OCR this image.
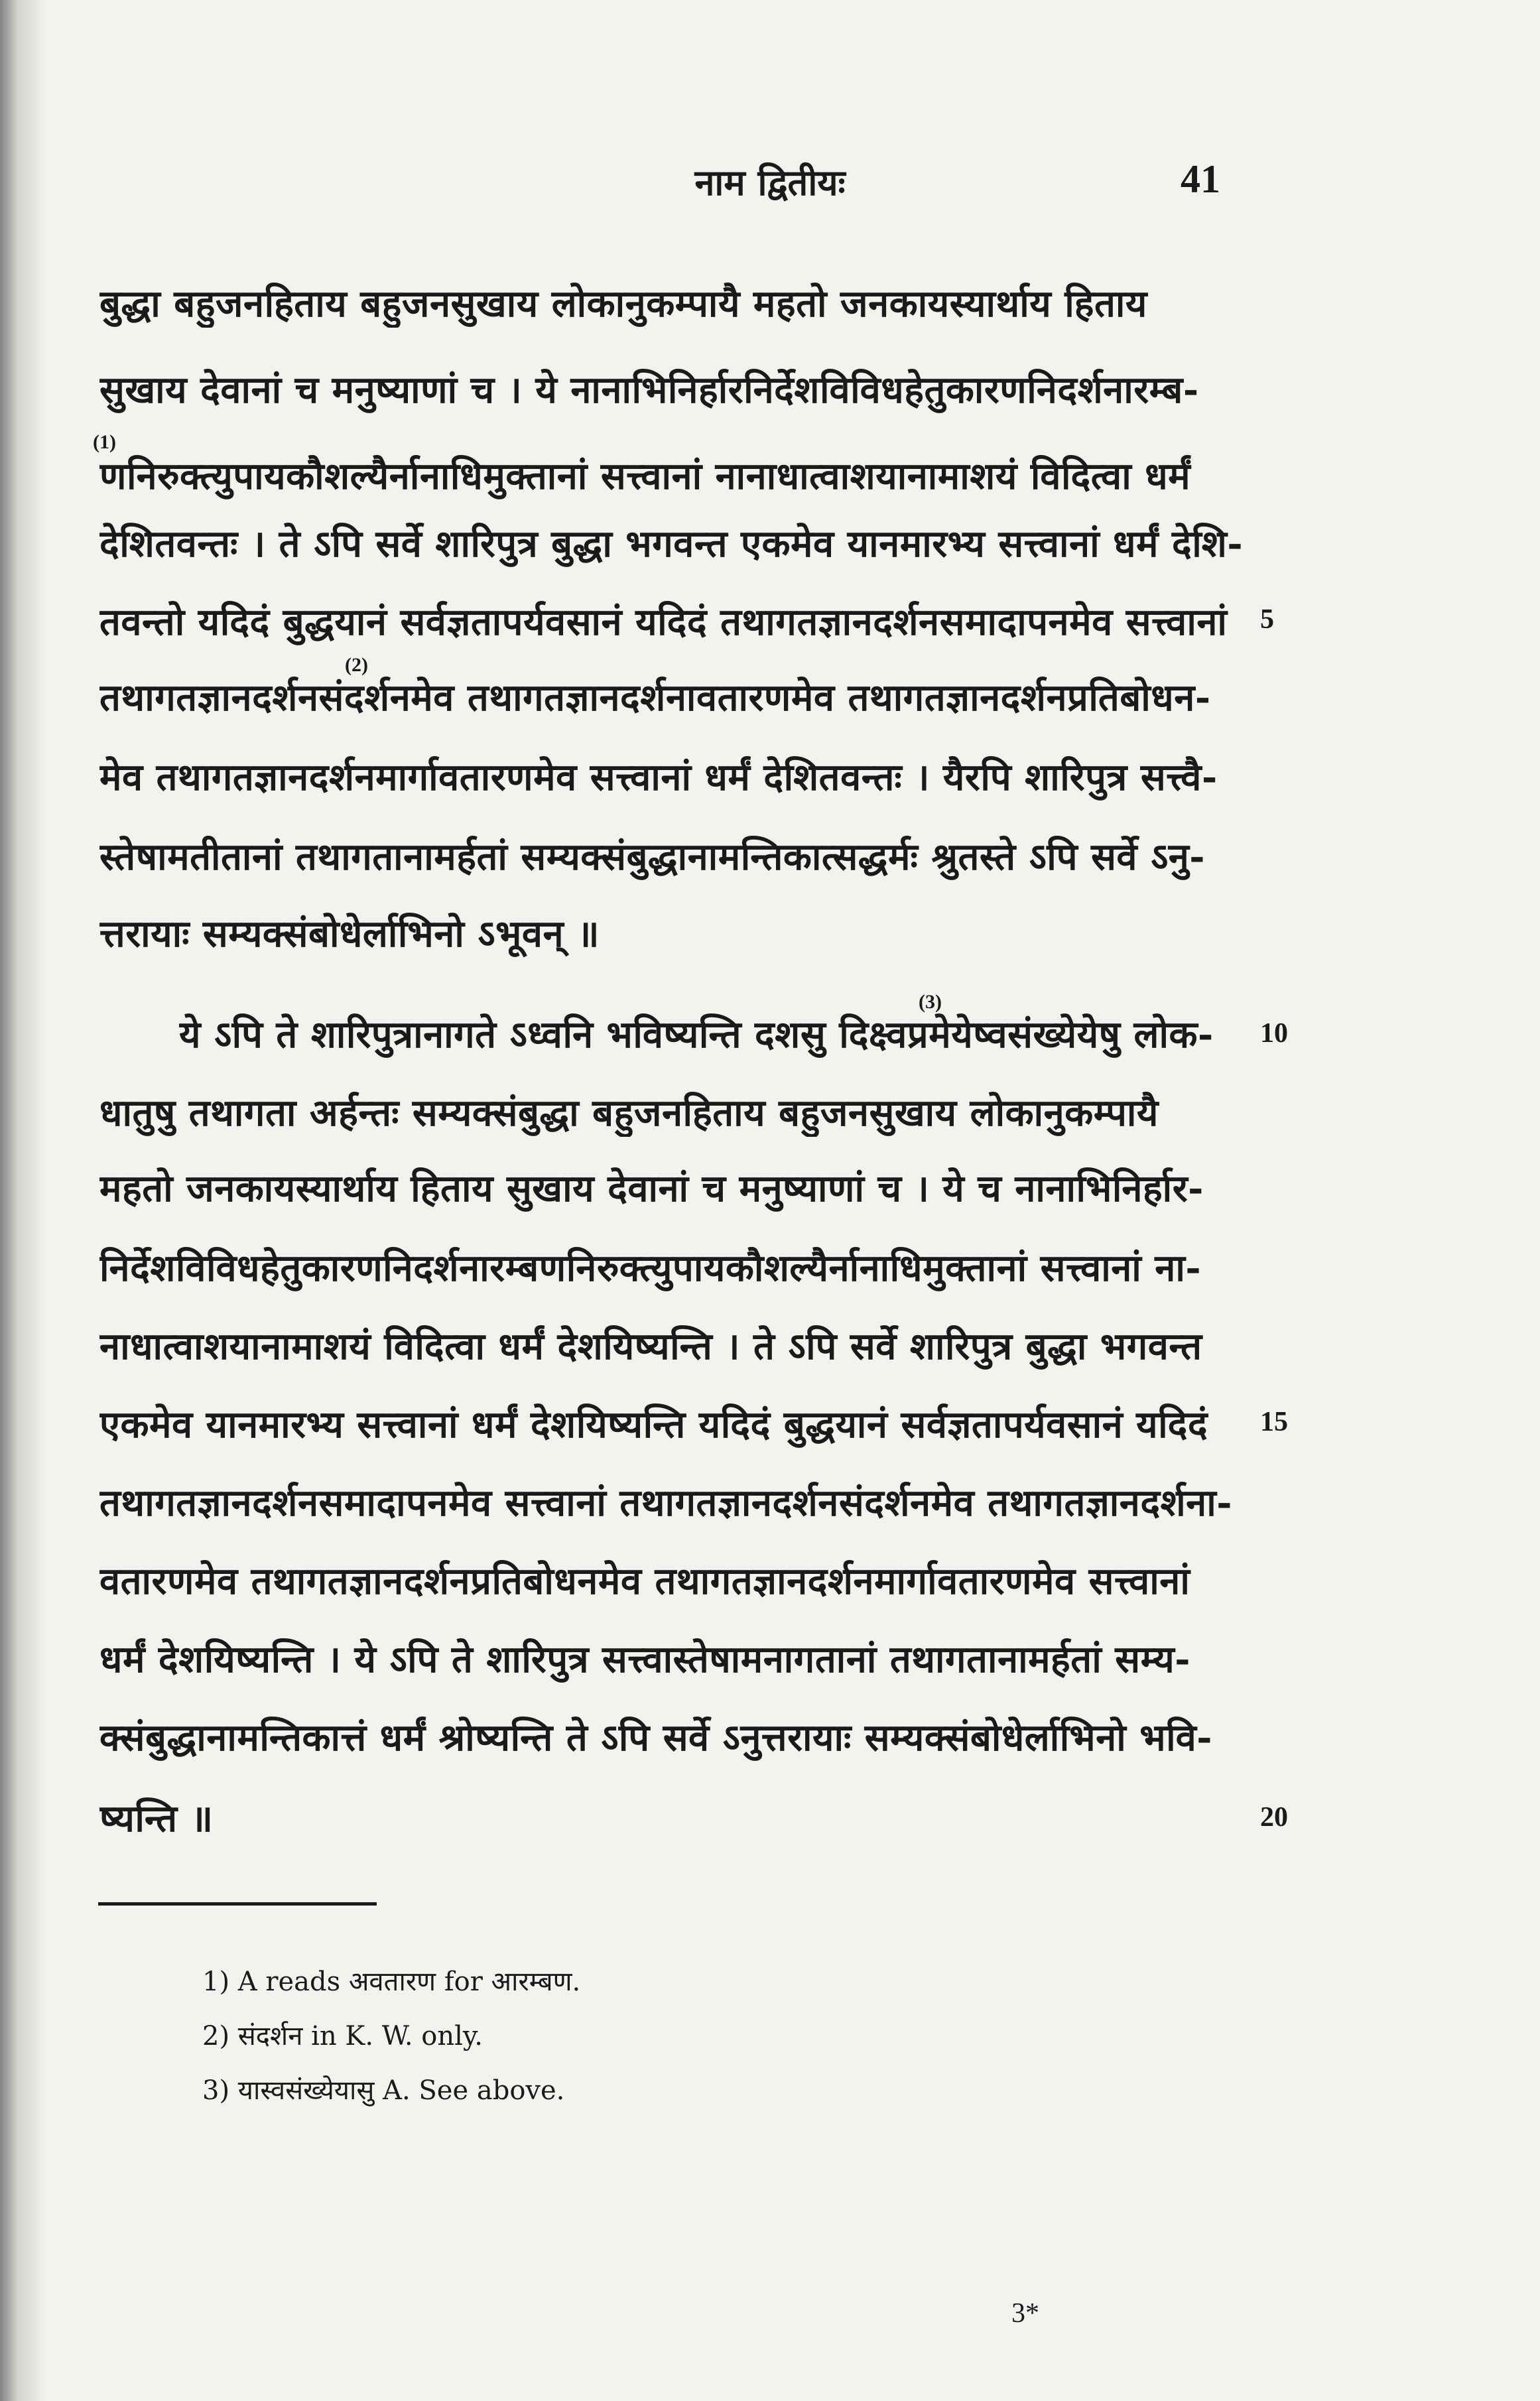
नाम द्वितीयः	41
बुद्धा बहुजनहिताय बहुजनसुखाय लोकानुकम्पायै महतो जनकायस्यार्थाय हिताय
सुखाय देवानां च मनुष्याणां च । ये नानाभिनिर्हारनिर्देशविविधहेतुकारणनिदर्शनारम्ब-
णनिरुक्त्युपायकौशल्यैर्नानाधिमुक्तानां सत्त्वानां नानाधात्वाशयानामाशयं विदित्वा धर्मं
देशितवन्तः । ते ऽपि सर्वे शारिपुत्र बुद्धा भगवन्त एकमेव यानमारभ्य सत्त्वानां धर्मं देशि-
तवन्तो यदिदं बुद्धयानं सर्वज्ञतापर्यवसानं यदिदं तथागतज्ञानदर्शनसमादापनमेव सत्त्वानां
तथागतज्ञानदर्शनसंदर्शनमेव तथागतज्ञानदर्शनावतारणमेव तथागतज्ञानदर्शनप्रतिबोधन-
मेव तथागतज्ञानदर्शनमार्गावतारणमेव सत्त्वानां धर्मं देशितवन्तः । यैरपि शारिपुत्र सत्त्वै-
स्तेषामतीतानां तथागतानामर्हतां सम्यक्संबुद्धानामन्तिकात्सद्धर्मः श्रुतस्ते ऽपि सर्वे ऽनु-
त्तरायाः सम्यक्संबोधेर्लाभिनो ऽभूवन् ॥
ये ऽपि ते शारिपुत्रानागते ऽध्वनि भविष्यन्ति दशसु दिक्ष्वप्रमेयेष्वसंख्येयेषु लोक-
धातुषु तथागता अर्हन्तः सम्यक्संबुद्धा बहुजनहिताय बहुजनसुखाय लोकानुकम्पायै
महतो जनकायस्यार्थाय हिताय सुखाय देवानां च मनुष्याणां च । ये च नानाभिनिर्हार-
निर्देशविविधहेतुकारणनिदर्शनारम्बणनिरुक्त्युपायकौशल्यैर्नानाधिमुक्तानां सत्त्वानां ना-
नाधात्वाशयानामाशयं विदित्वा धर्मं देशयिष्यन्ति । ते ऽपि सर्वे शारिपुत्र बुद्धा भगवन्त
एकमेव यानमारभ्य सत्त्वानां धर्मं देशयिष्यन्ति यदिदं बुद्धयानं सर्वज्ञतापर्यवसानं यदिदं
तथागतज्ञानदर्शनसमादापनमेव सत्त्वानां तथागतज्ञानदर्शनसंदर्शनमेव तथागतज्ञानदर्शना-
वतारणमेव तथागतज्ञानदर्शनप्रतिबोधनमेव तथागतज्ञानदर्शनमार्गावतारणमेव सत्त्वानां
धर्मं देशयिष्यन्ति । ये ऽपि ते शारिपुत्र सत्त्वास्तेषामनागतानां तथागतानामर्हतां सम्य-
क्संबुद्धानामन्तिकात्तं धर्मं श्रोष्यन्ति ते ऽपि सर्वे ऽनुत्तरायाः सम्यक्संबोधेर्लाभिनो भवि-
ष्यन्ति ॥
(1)
(2)
(3)
5
10
15
20
1) A reads अवतारण for आरम्बण.
2) संदर्शन in K. W. only.
3) यास्वसंख्येयासु A. See above.
3*
